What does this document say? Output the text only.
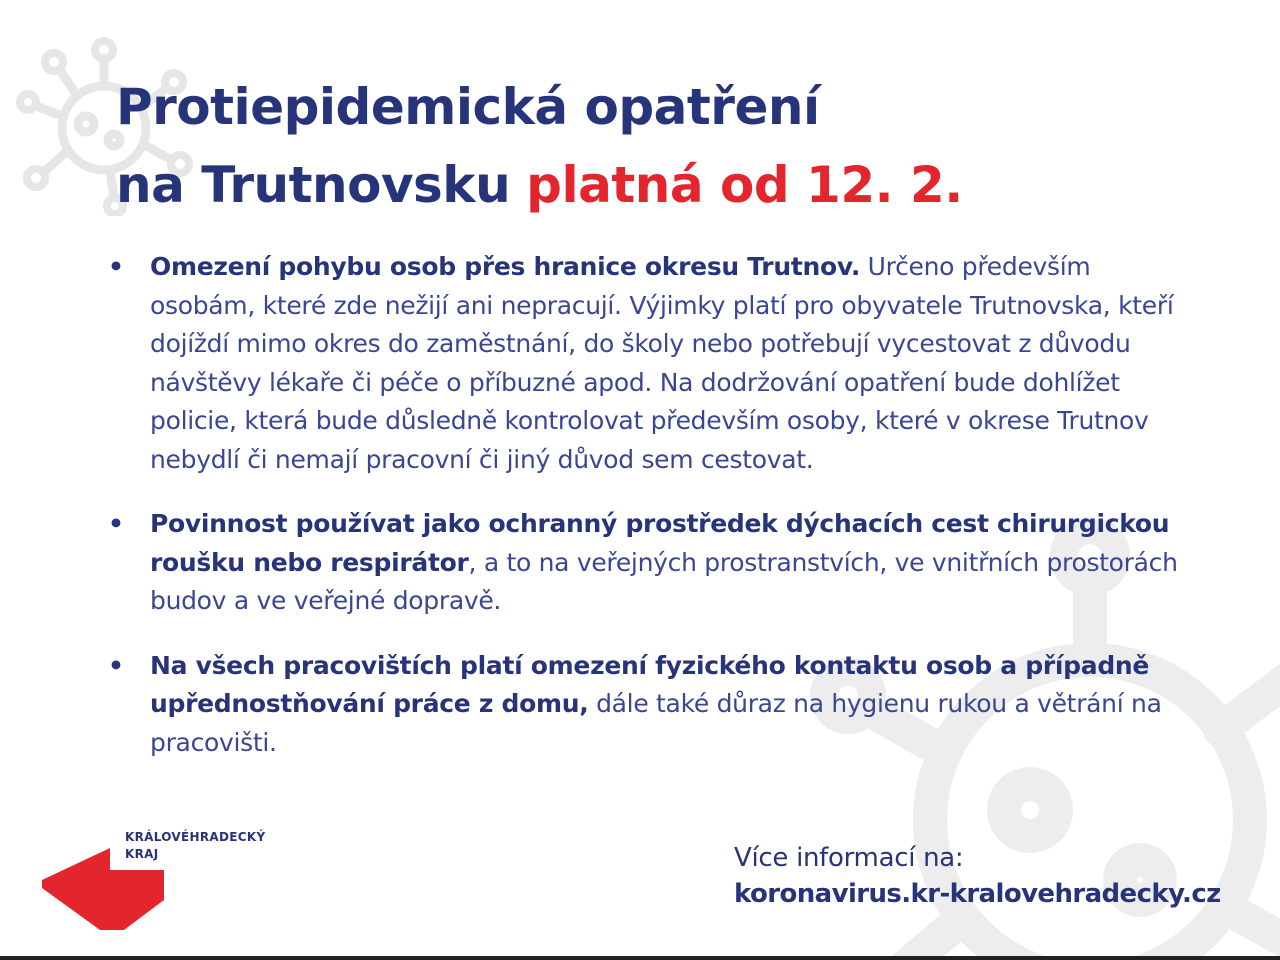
Protiepidemická opatření
na Trutnovsku platná od 12. 2.
• Omezení pohybu osob přes hranice okresu Trutnov. Určeno především osobám, které zde nežijí ani nepracují. Výjimky platí pro obyvatele Trutnovska, kteří dojíždí mimo okres do zaměstnání, do školy nebo potřebují vycestovat z důvodu návštěvy lékaře či péče o příbuzné apod. Na dodržování opatření bude dohlížet policie, která bude důsledně kontrolovat především osoby, které v okrese Trutnov nebydlí či nemají pracovní či jiný důvod sem cestovat.
• Povinnost používat jako ochranný prostředek dýchacích cest chirurgickou roušku nebo respirátor, a to na veřejných prostranstvích, ve vnitřních prostorách budov a ve veřejné dopravě.
• Na všech pracovištích platí omezení fyzického kontaktu osob a případně upřednostňování práce z domu, dále také důraz na hygienu rukou a větrání na pracovišti.
KRÁLOVÉHRADECKÝ
KRAJ	Více informací na:
koronavirus.kr-kralovehradecky.cz
